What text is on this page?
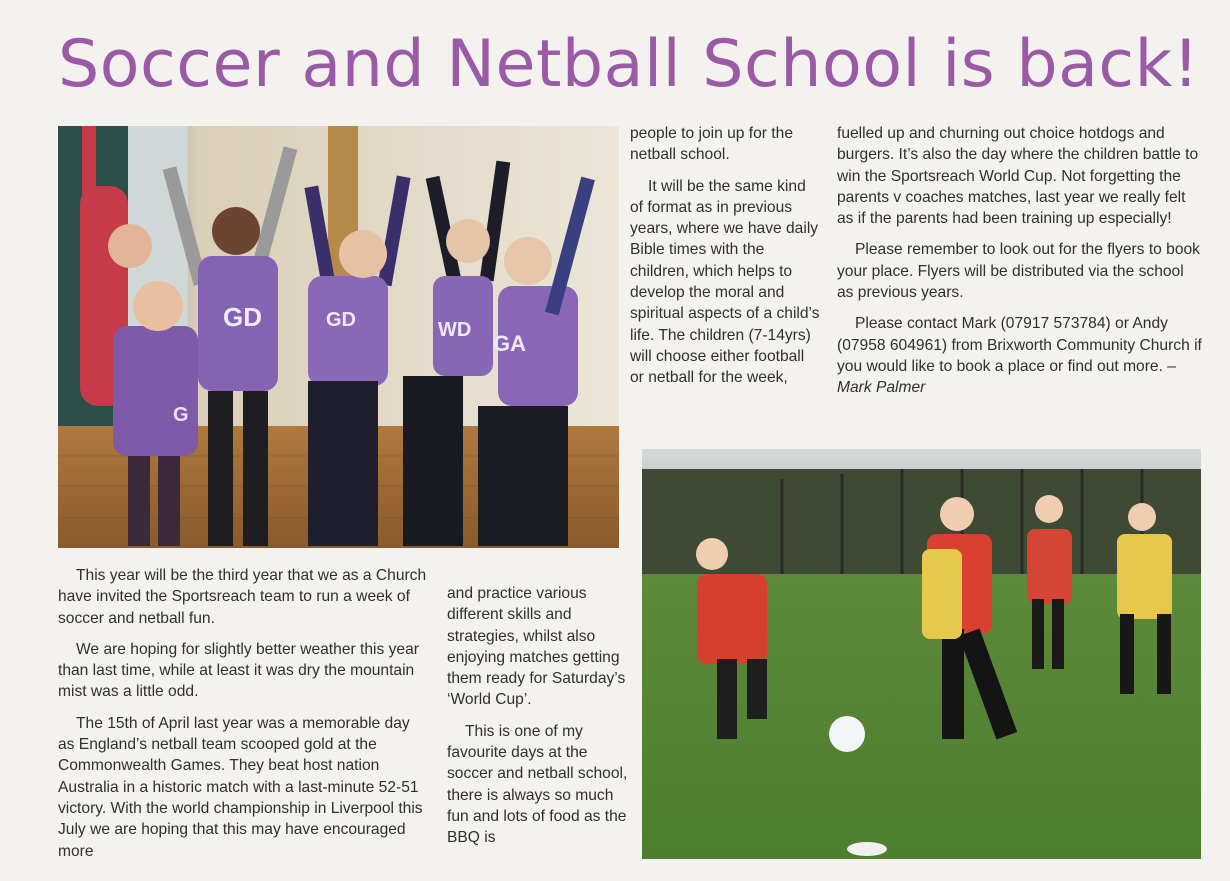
Soccer and Netball School is back!
G
GD	GD	WD
GA

people to join up for the netball school.

It will be the same kind of format as in previous years, where we have daily Bible times with the children, which helps to develop the moral and spiritual aspects of a child’s life. The children (7-14yrs) will choose either football or netball for the week,

fuelled up and churning out choice hotdogs and burgers. It’s also the day where the children battle to win the Sportsreach World Cup. Not forgetting the parents v coaches matches, last year we really felt as if the parents had been training up especially!

Please remember to look out for the flyers to book your place. Flyers will be distributed via the school as previous years.

Please contact Mark (07917 573784) or Andy (07958 604961) from Brixworth Community Church if you would like to book a place or find out more. – Mark Palmer

This year will be the third year that we as a Church have invited the Sportsreach team to run a week of soccer and netball fun.

We are hoping for slightly better weather this year than last time, while at least it was dry the mountain mist was a little odd.

The 15th of April last year was a memorable day as England’s netball team scooped gold at the Commonwealth Games. They beat host nation Australia in a historic match with a last-minute 52-51 victory. With the world championship in Liverpool this July we are hoping that this may have encouraged more

and practice various different skills and strategies, whilst also enjoying matches getting them ready for Saturday’s ‘World Cup’.

This is one of my favourite days at the soccer and netball school, there is always so much fun and lots of food as the BBQ is
